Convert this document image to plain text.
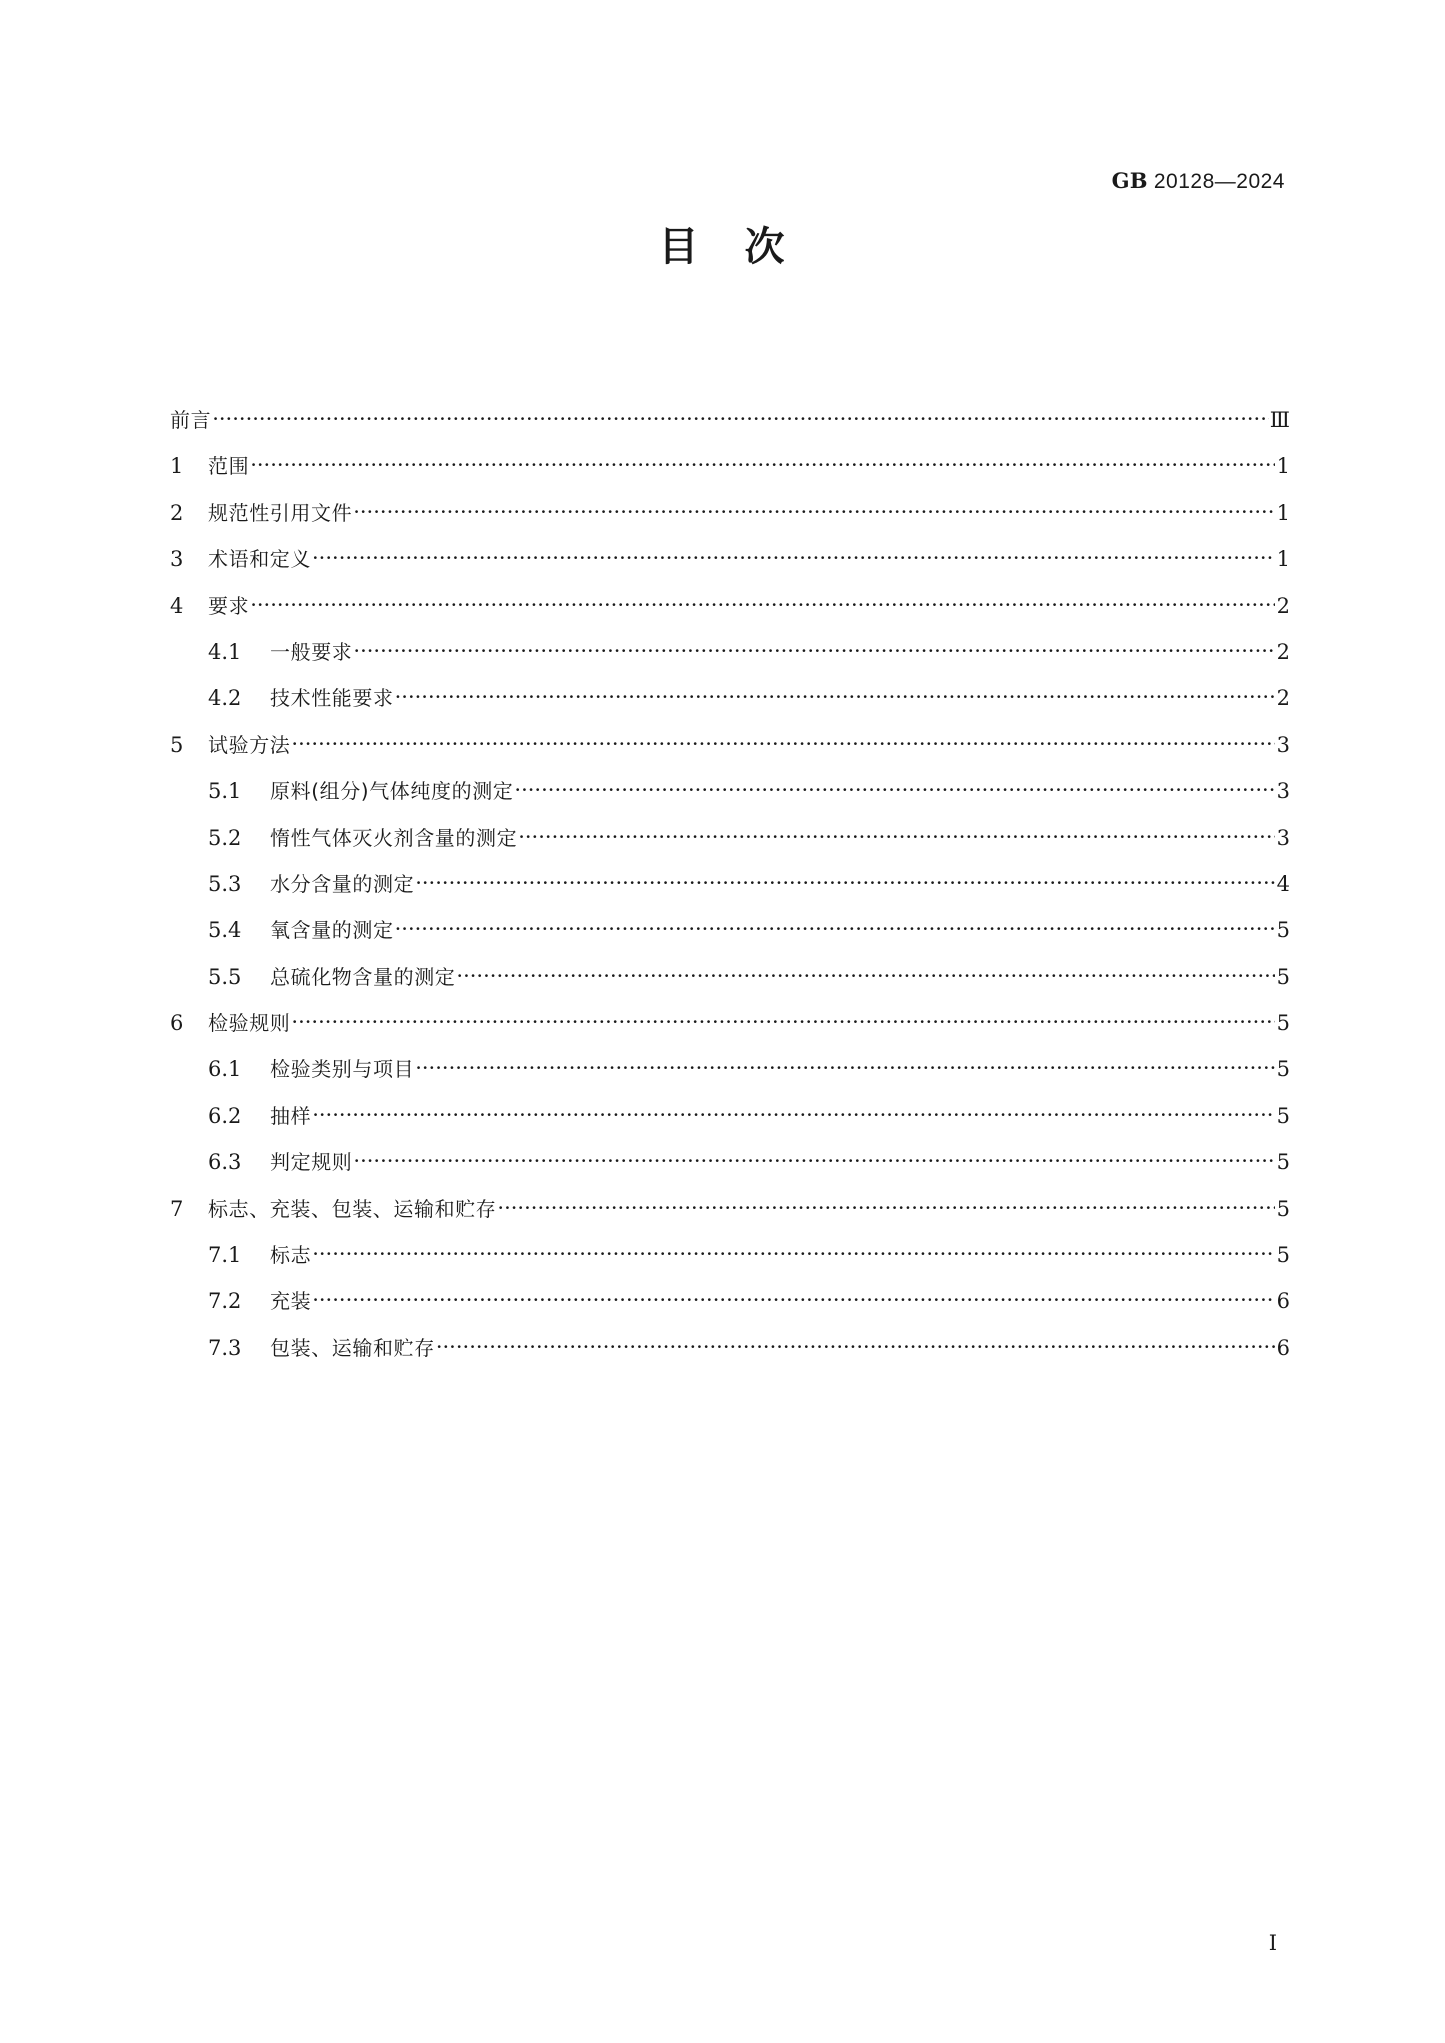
GB 20128—2024
目 次
前言 ·····	Ⅲ
1	范围 ·····	1
2	规范性引用文件 ·····	1
3	术语和定义 ·····	1
4	要求 ·····	2
4.1	一般要求 ·····	2
4.2	技术性能要求 ·····	2
5	试验方法 ·····	3
5.1	原料(组分)气体纯度的测定 ·····	3
5.2	惰性气体灭火剂含量的测定 ·····	3
5.3	水分含量的测定 ·····	4
5.4	氧含量的测定 ·····	5
5.5	总硫化物含量的测定 ·····	5
6	检验规则 ·····	5
6.1	检验类别与项目 ·····	5
6.2	抽样 ·····	5
6.3	判定规则 ·····	5
7	标志、充装、包装、运输和贮存 ·····	5
7.1	标志 ·····	5
7.2	充装 ·····	6
7.3	包装、运输和贮存 ·····	6
Ⅰ
